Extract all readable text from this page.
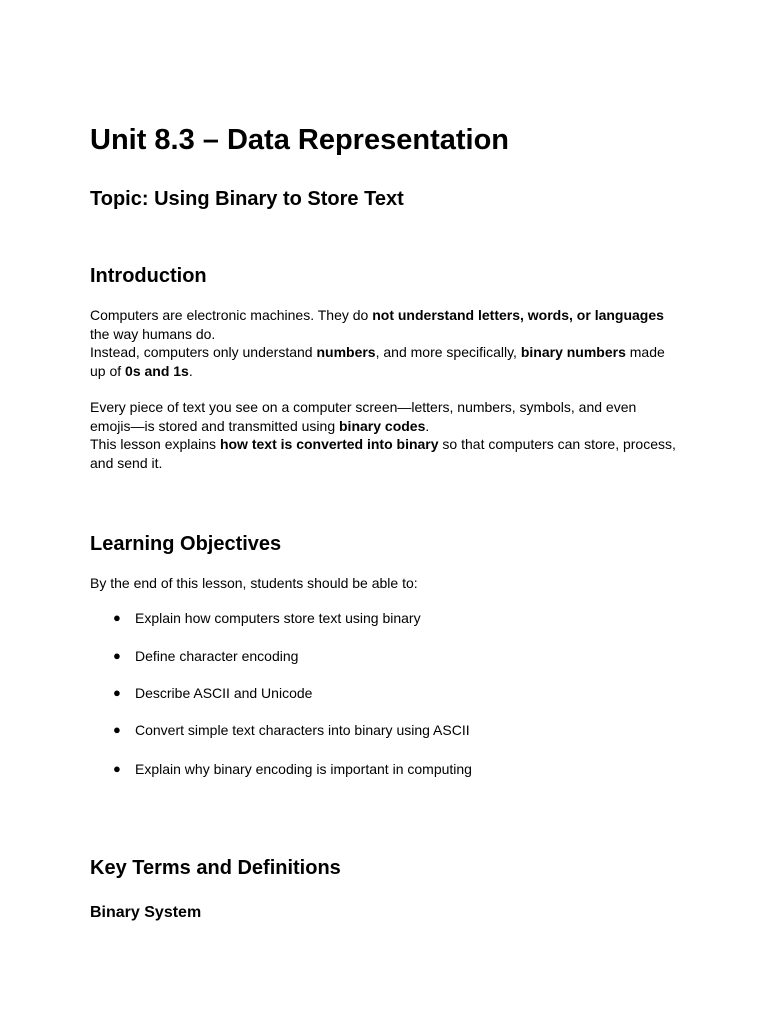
Unit 8.3 – Data Representation
Topic: Using Binary to Store Text
Introduction

Computers are electronic machines. They do not understand letters, words, or languages
the way humans do.
Instead, computers only understand numbers, and more specifically, binary numbers made up of 0s and 1s.

Every piece of text you see on a computer screen—letters, numbers, symbols, and even emojis—is stored and transmitted using binary codes.
This lesson explains how text is converted into binary so that computers can store, process, and send it.

Learning Objectives

By the end of this lesson, students should be able to:

● Explain how computers store text using binary
● Define character encoding
● Describe ASCII and Unicode
● Convert simple text characters into binary using ASCII
● Explain why binary encoding is important in computing
Key Terms and Definitions
Binary System
